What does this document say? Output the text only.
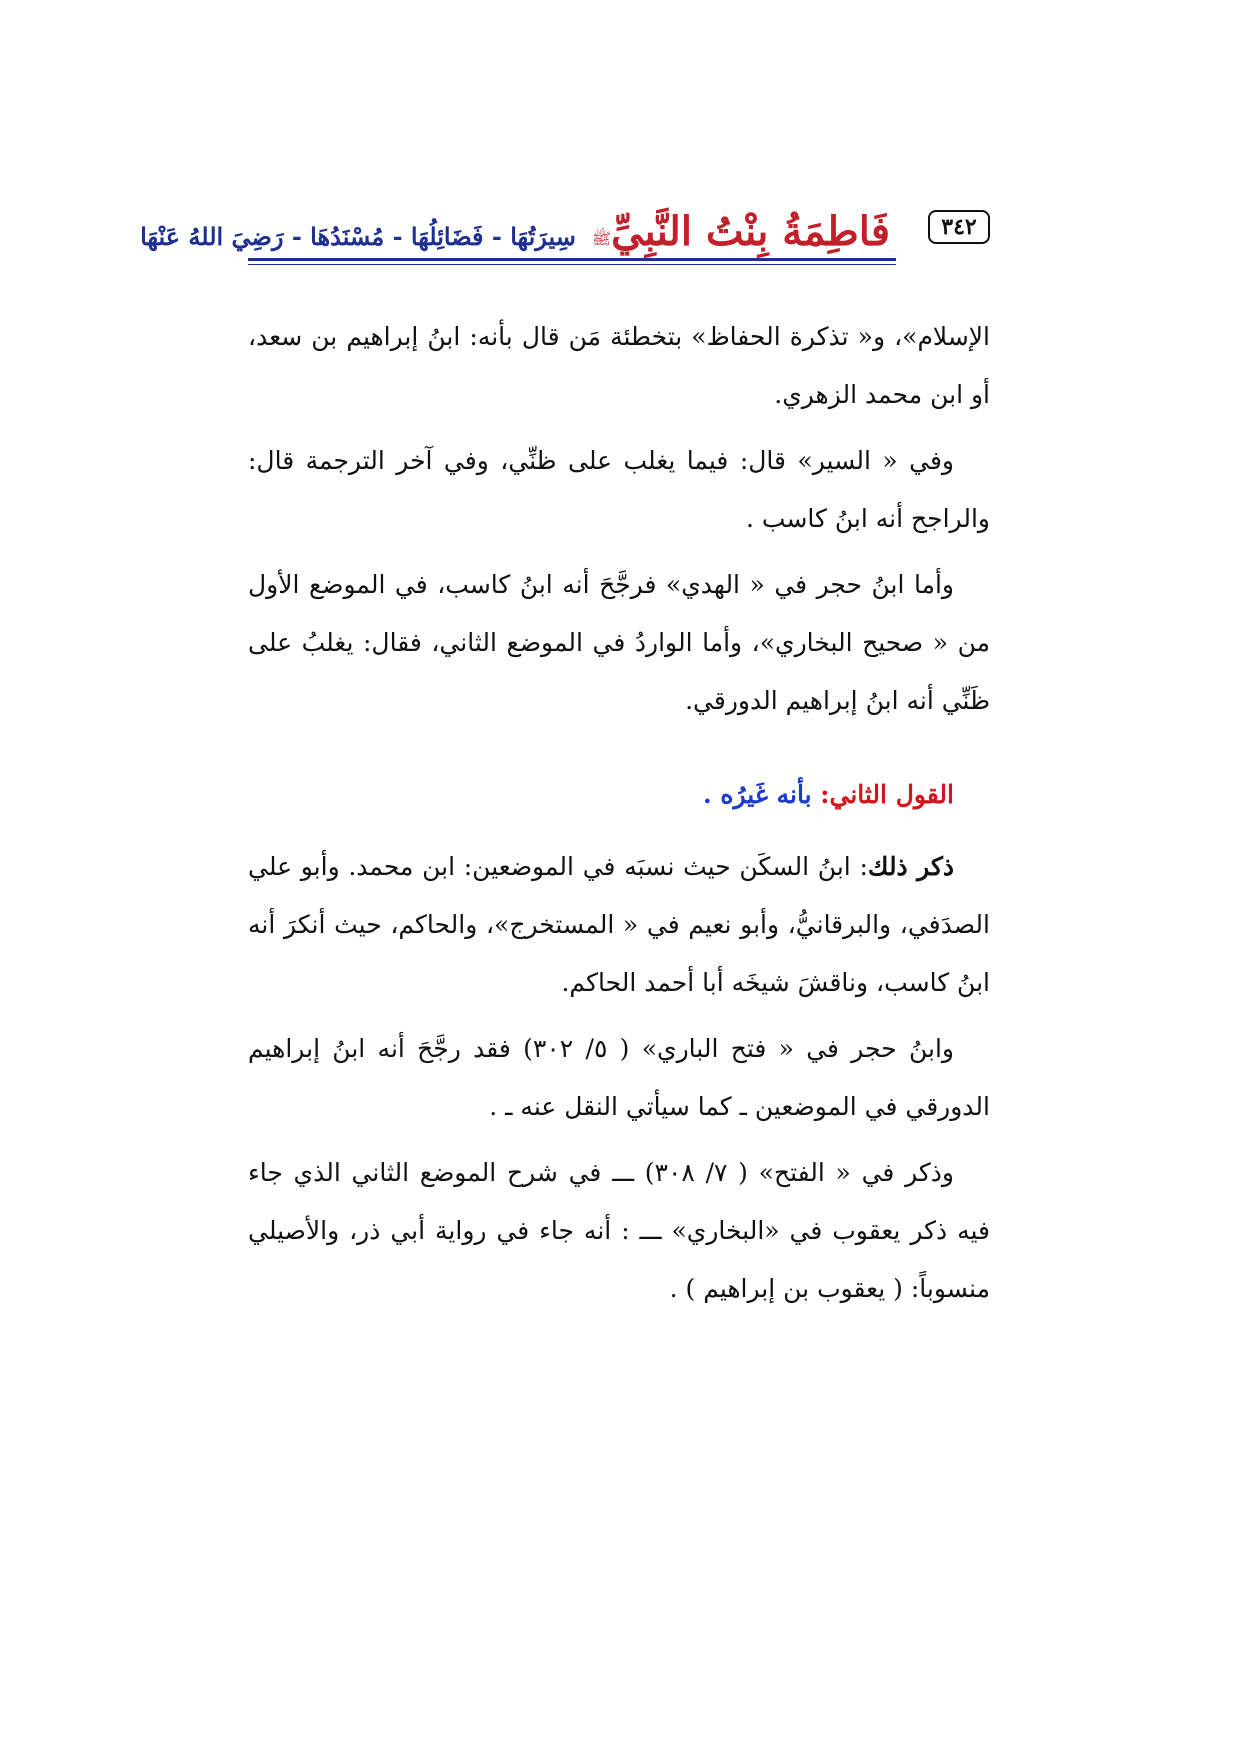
٣٤٢
فَاطِمَةُ بِنْتُ النَّبِيِّ
ﷺ
سِيرَتُهَا - فَضَائِلُهَا - مُسْنَدُهَا - رَضِيَ اللهُ عَنْهَا

الإسلام»، و« تذكرة الحفاظ» بتخطئة مَن قال بأنه: ابنُ إبراهيم بن سعد، أو ابن محمد الزهري.

وفي « السير» قال: فيما يغلب على ظنِّي، وفي آخر الترجمة قال: والراجح أنه ابنُ كاسب .

وأما ابنُ حجر في « الهدي» فرجَّحَ أنه ابنُ كاسب، في الموضع الأول من « صحيح البخاري»، وأما الواردُ في الموضع الثاني، فقال: يغلبُ على ظَنِّي أنه ابنُ إبراهيم الدورقي.

القول الثاني: بأنه غَيرُه .

ذكر ذلك: ابنُ السكَن حيث نسبَه في الموضعين: ابن محمد. وأبو علي الصدَفي، والبرقانيُّ، وأبو نعيم في « المستخرج»، والحاكم، حيث أنكرَ أنه ابنُ كاسب، وناقشَ شيخَه أبا أحمد الحاكم.

وابنُ حجر في « فتح الباري» ( ٥/ ٣٠٢) فقد رجَّحَ أنه ابنُ إبراهيم الدورقي في الموضعين ـ كما سيأتي النقل عنه ـ .

وذكر في « الفتح» ( ٧/ ٣٠٨) ـــ في شرح الموضع الثاني الذي جاء فيه ذكر يعقوب في «البخاري» ـــ : أنه جاء في رواية أبي ذر، والأصيلي منسوباً: ( يعقوب بن إبراهيم ) .
